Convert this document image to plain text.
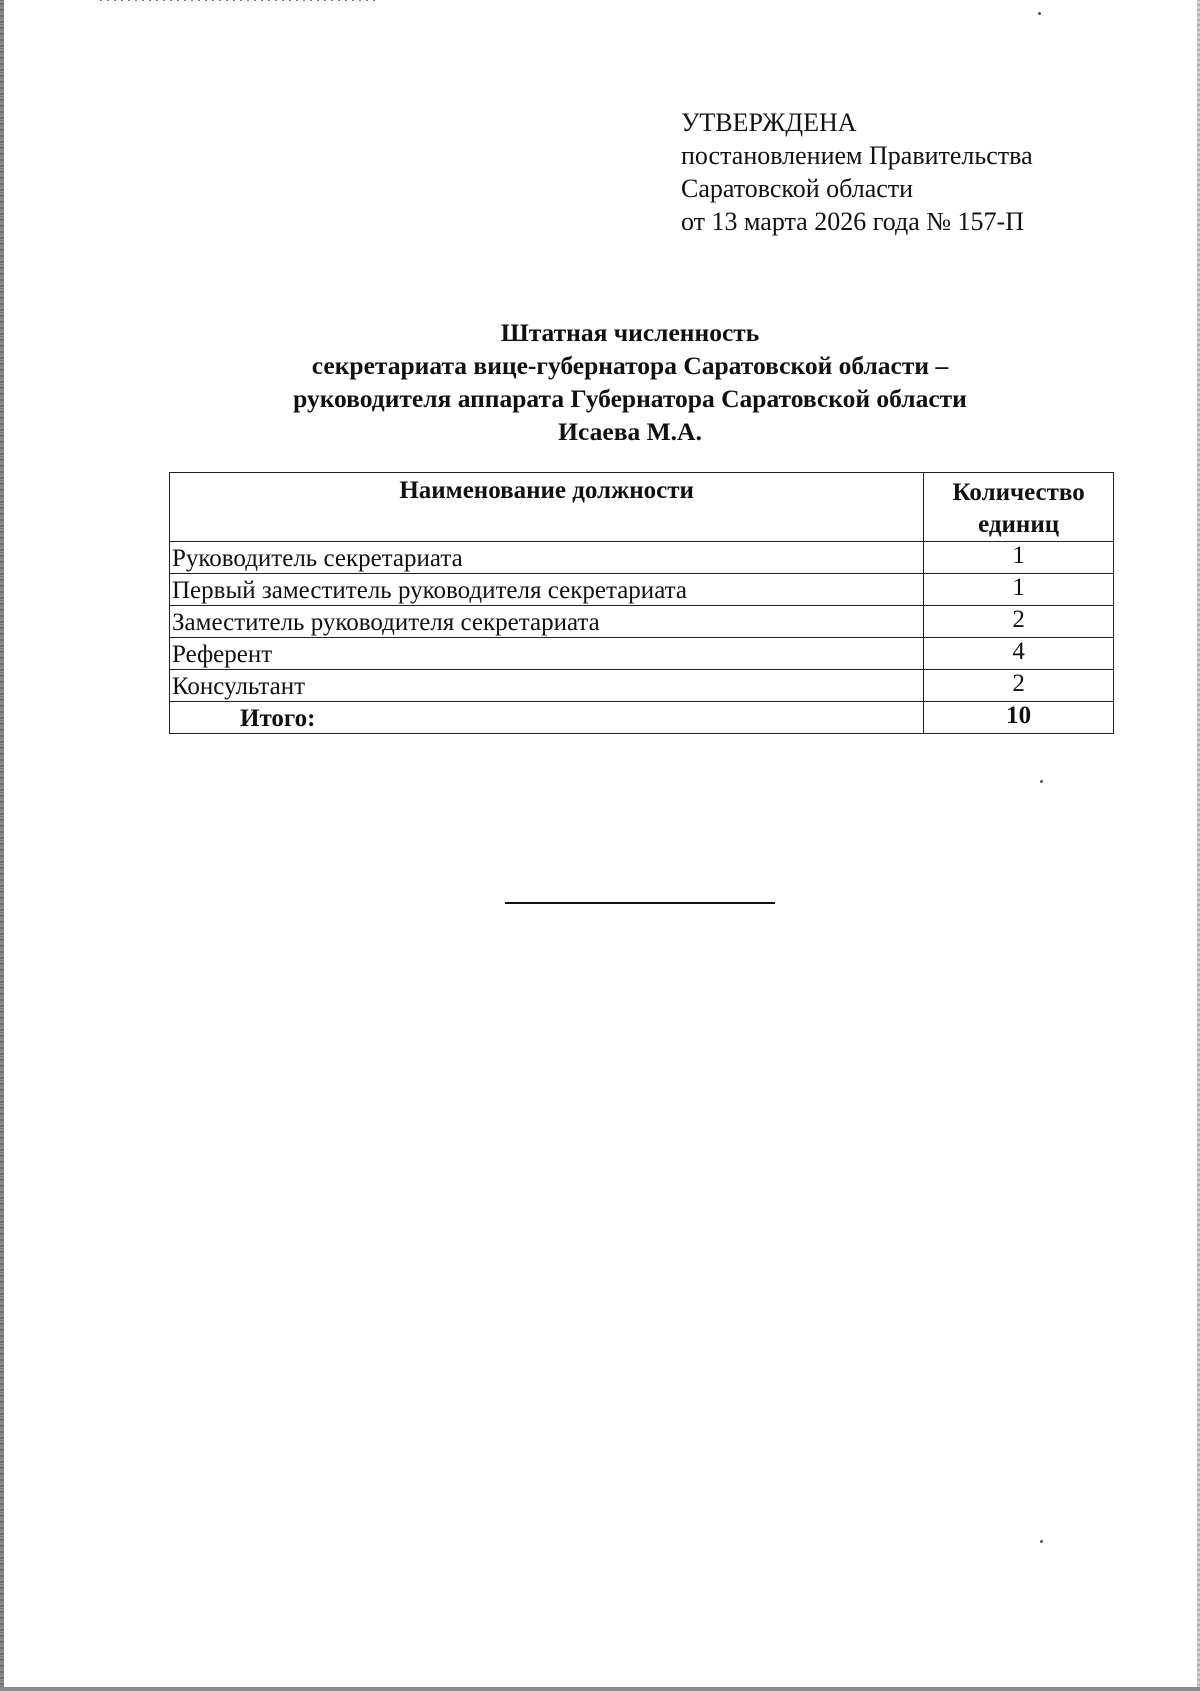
УТВЕРЖДЕНА
постановлением Правительства
Саратовской области
от 13 марта 2026 года № 157-П
Штатная численность
секретариата вице-губернатора Саратовской области –
руководителя аппарата Губернатора Саратовской области
Исаева М.А.
Наименование должности	Количество
единиц

Руководитель секретариата	1
Первый заместитель руководителя секретариата	1
Заместитель руководителя секретариата	2
Референт	4
Консультант	2
Итого:	10
